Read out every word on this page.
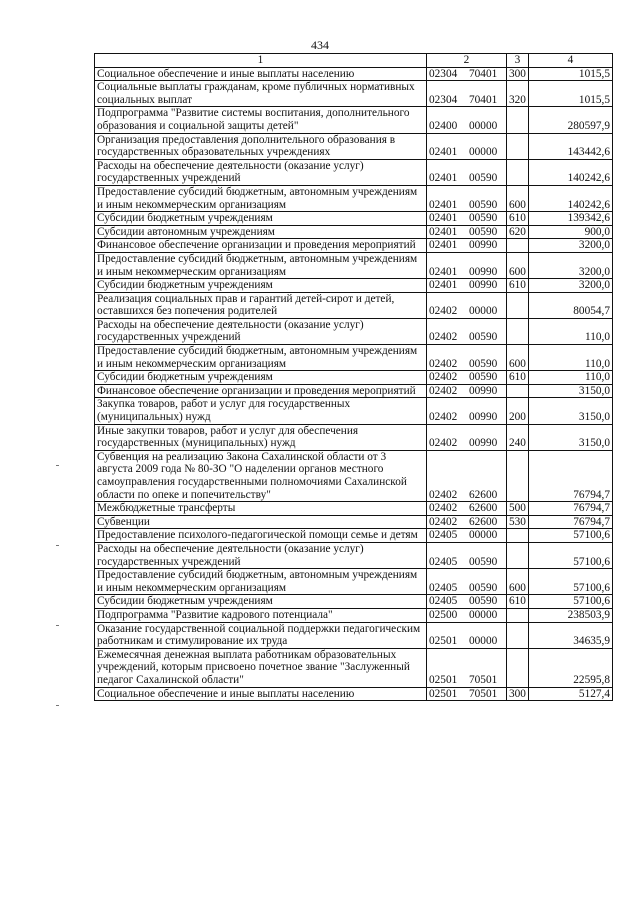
434
1	2	3	4
Социальное обеспечение и иные выплаты населению	02304 70401	300	1015,5
Социальные выплаты гражданам, кроме публичных нормативных социальных выплат	02304 70401	320	1015,5
Подпрограмма "Развитие системы воспитания, дополнительного образования и социальной защиты детей"	02400 00000		280597,9
Организация предоставления дополнительного образования в государственных образовательных учреждениях	02401 00000		143442,6
Расходы на обеспечение деятельности (оказание услуг) государственных учреждений	02401 00590		140242,6
Предоставление субсидий бюджетным, автономным учреждениям и иным некоммерческим организациям	02401 00590	600	140242,6
Субсидии бюджетным учреждениям	02401 00590	610	139342,6
Субсидии автономным учреждениям	02401 00590	620	900,0
Финансовое обеспечение организации и проведения мероприятий	02401 00990		3200,0
Предоставление субсидий бюджетным, автономным учреждениям и иным некоммерческим организациям	02401 00990	600	3200,0
Субсидии бюджетным учреждениям	02401 00990	610	3200,0
Реализация социальных прав и гарантий детей-сирот и детей, оставшихся без попечения родителей	02402 00000		80054,7
Расходы на обеспечение деятельности (оказание услуг) государственных учреждений	02402 00590		110,0
Предоставление субсидий бюджетным, автономным учреждениям и иным некоммерческим организациям	02402 00590	600	110,0
Субсидии бюджетным учреждениям	02402 00590	610	110,0
Финансовое обеспечение организации и проведения мероприятий	02402 00990		3150,0
Закупка товаров, работ и услуг для государственных (муниципальных) нужд	02402 00990	200	3150,0
Иные закупки товаров, работ и услуг для обеспечения государственных (муниципальных) нужд	02402 00990	240	3150,0
Субвенция на реализацию Закона Сахалинской области от 3 августа 2009 года № 80-ЗО "О наделении органов местного самоуправления государственными полномочиями Сахалинской области по опеке и попечительству"	02402 62600		76794,7
Межбюджетные трансферты	02402 62600	500	76794,7
Субвенции	02402 62600	530	76794,7
Предоставление психолого-педагогической помощи семье и детям	02405 00000		57100,6
Расходы на обеспечение деятельности (оказание услуг) государственных учреждений	02405 00590		57100,6
Предоставление субсидий бюджетным, автономным учреждениям и иным некоммерческим организациям	02405 00590	600	57100,6
Субсидии бюджетным учреждениям	02405 00590	610	57100,6
Подпрограмма "Развитие кадрового потенциала"	02500 00000		238503,9
Оказание государственной социальной поддержки педагогическим работникам и стимулирование их труда	02501 00000		34635,9
Ежемесячная денежная выплата работникам образовательных учреждений, которым присвоено почетное звание "Заслуженный педагог Сахалинской области"	02501 70501		22595,8
Социальное обеспечение и иные выплаты населению	02501 70501	300	5127,4
